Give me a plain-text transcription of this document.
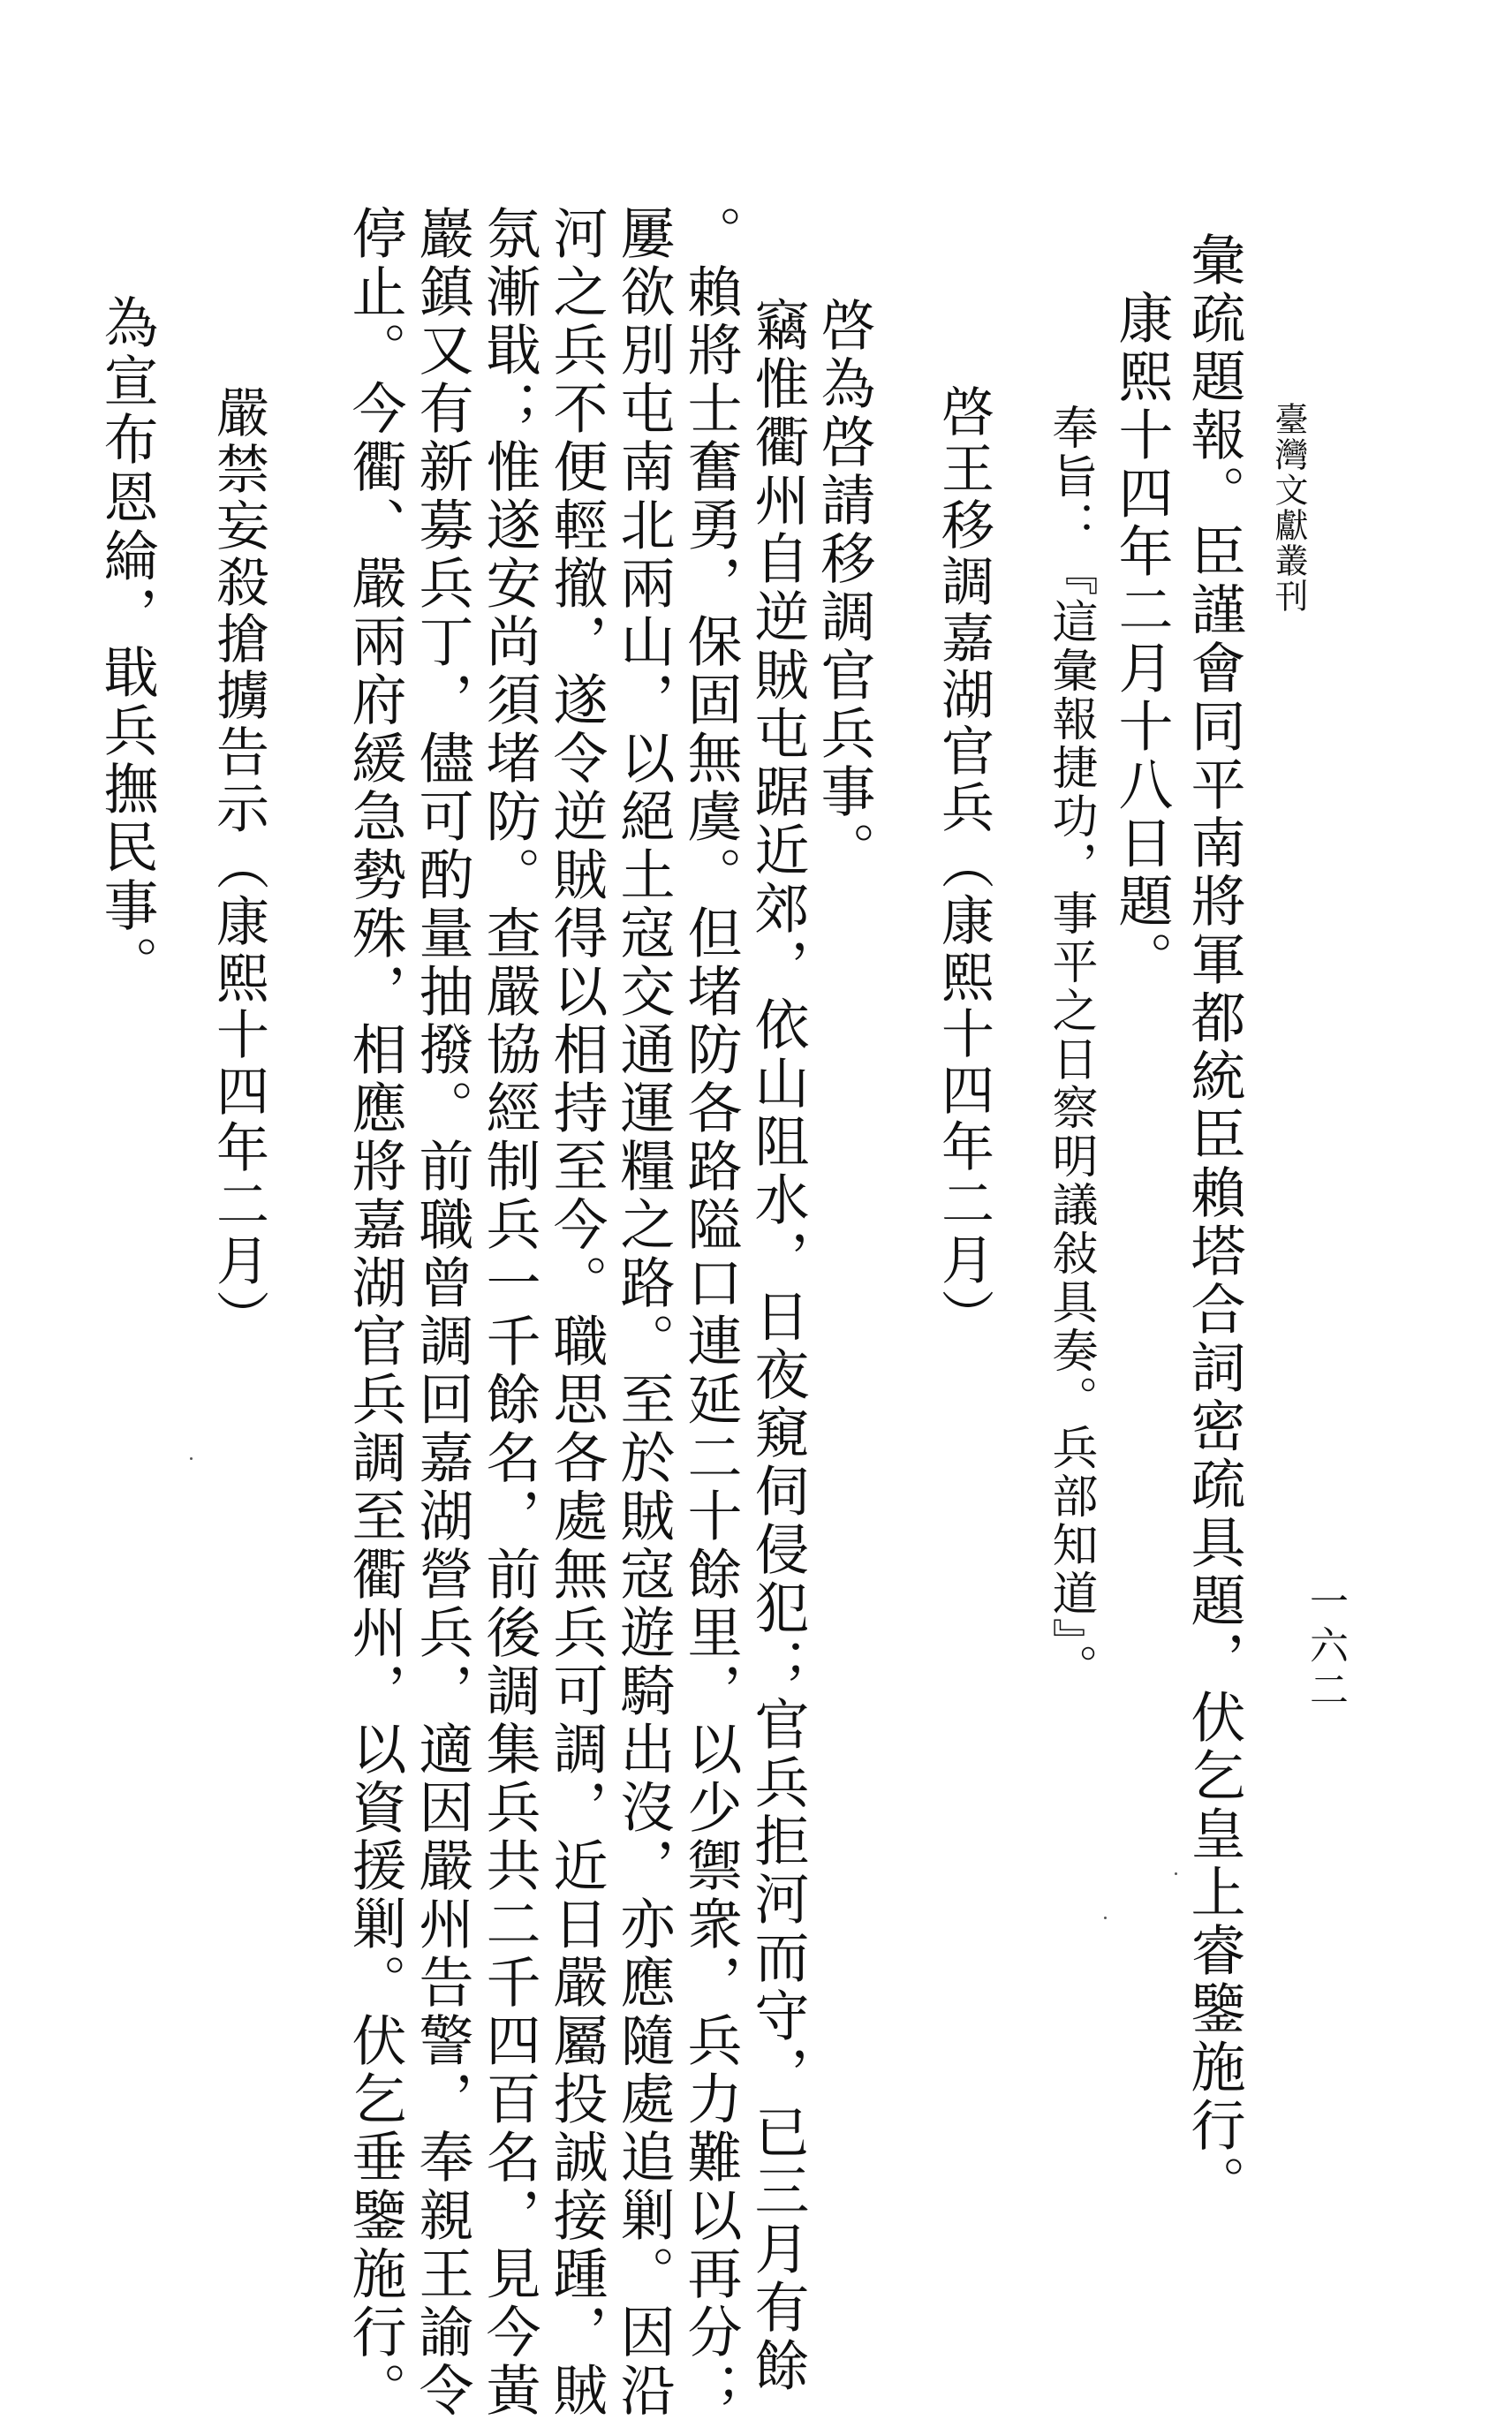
臺灣文獻叢刊
一六二
彙疏題報。臣謹會同平南將軍都統臣賴塔合詞密疏具題，伏乞皇上睿鑒施行。
康熙十四年二月十八日題。
奉旨：『這彙報捷功，事平之日察明議敍具奏。兵部知道』。
啓王移調嘉湖官兵（康熙十四年二月）
啓為啓請移調官兵事。
竊惟衢州自逆賊屯踞近郊，依山阻水，日夜窺伺侵犯；官兵拒河而守，已三月有餘
。賴將士奮勇，保固無虞。但堵防各路隘口連延二十餘里，以少禦衆，兵力難以再分；
屢欲別屯南北兩山，以絕土寇交通運糧之路。至於賊寇遊騎出沒，亦應隨處追剿。因沿
河之兵不便輕撤，遂令逆賊得以相持至今。職思各處無兵可調，近日嚴屬投誠接踵，賊
氛漸戢；惟遂安尚須堵防。查嚴協經制兵一千餘名，前後調集兵共二千四百名，見今黃
巖鎮又有新募兵丁，儘可酌量抽撥。前職曾調回嘉湖營兵，適因嚴州告警，奉親王諭令
停止。今衢、嚴兩府緩急勢殊，相應將嘉湖官兵調至衢州，以資援剿。伏乞垂鑒施行。
嚴禁妄殺搶擄告示（康熙十四年二月）
為宣布恩綸，戢兵撫民事。
